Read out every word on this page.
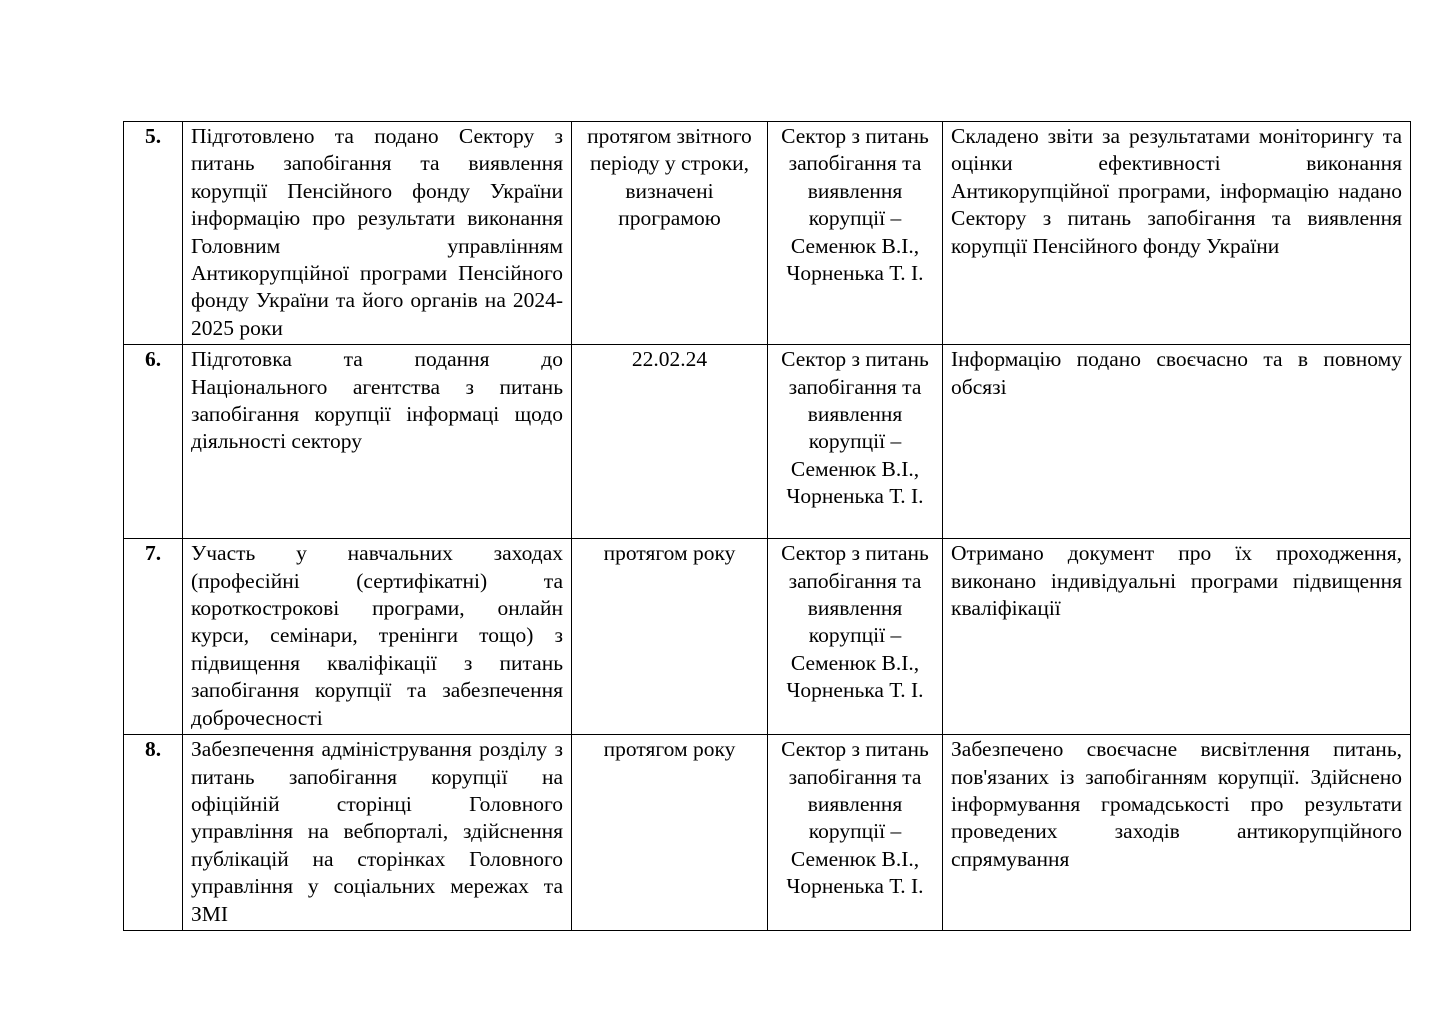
5.	Підготовлено та подано Сектору з питань запобігання та виявлення корупції Пенсійного фонду України інформацію про результати виконання Головним управлінням Антикорупційної програми Пенсійного фонду України та його органів на 2024-2025 роки	протягом звітного періоду у строки, визначені програмою	Сектор з питань запобігання та виявлення корупції – Семенюк В.І., Чорненька Т. І.	Складено звіти за результатами моніторингу та оцінки ефективності виконання Антикорупційної програми, інформацію надано Сектору з питань запобігання та виявлення корупції Пенсійного фонду України
6.	Підготовка та подання до Національного агентства з питань запобігання корупції інформаці щодо діяльності сектору	22.02.24	Сектор з питань запобігання та виявлення корупції – Семенюк В.І., Чорненька Т. І.	Інформацію подано своєчасно та в повному обсязі
7.	Участь у навчальних заходах (професійні (сертифікатні) та короткострокові програми, онлайн курси, семінари, тренінги тощо) з підвищення кваліфікації з питань запобігання корупції та забезпечення доброчесності	протягом року	Сектор з питань запобігання та виявлення корупції – Семенюк В.І., Чорненька Т. І.	Отримано документ про їх проходження, виконано індивідуальні програми підвищення кваліфікації
8.	Забезпечення адміністрування розділу з питань запобігання корупції на офіційній сторінці Головного управління на вебпорталі, здійснення публікацій на сторінках Головного управління у соціальних мережах та ЗМІ	протягом року	Сектор з питань запобігання та виявлення корупції – Семенюк В.І., Чорненька Т. І.	Забезпечено своєчасне висвітлення питань, пов'язаних із запобіганням корупції. Здійснено інформування громадськості про результати проведених заходів антикорупційного спрямування
